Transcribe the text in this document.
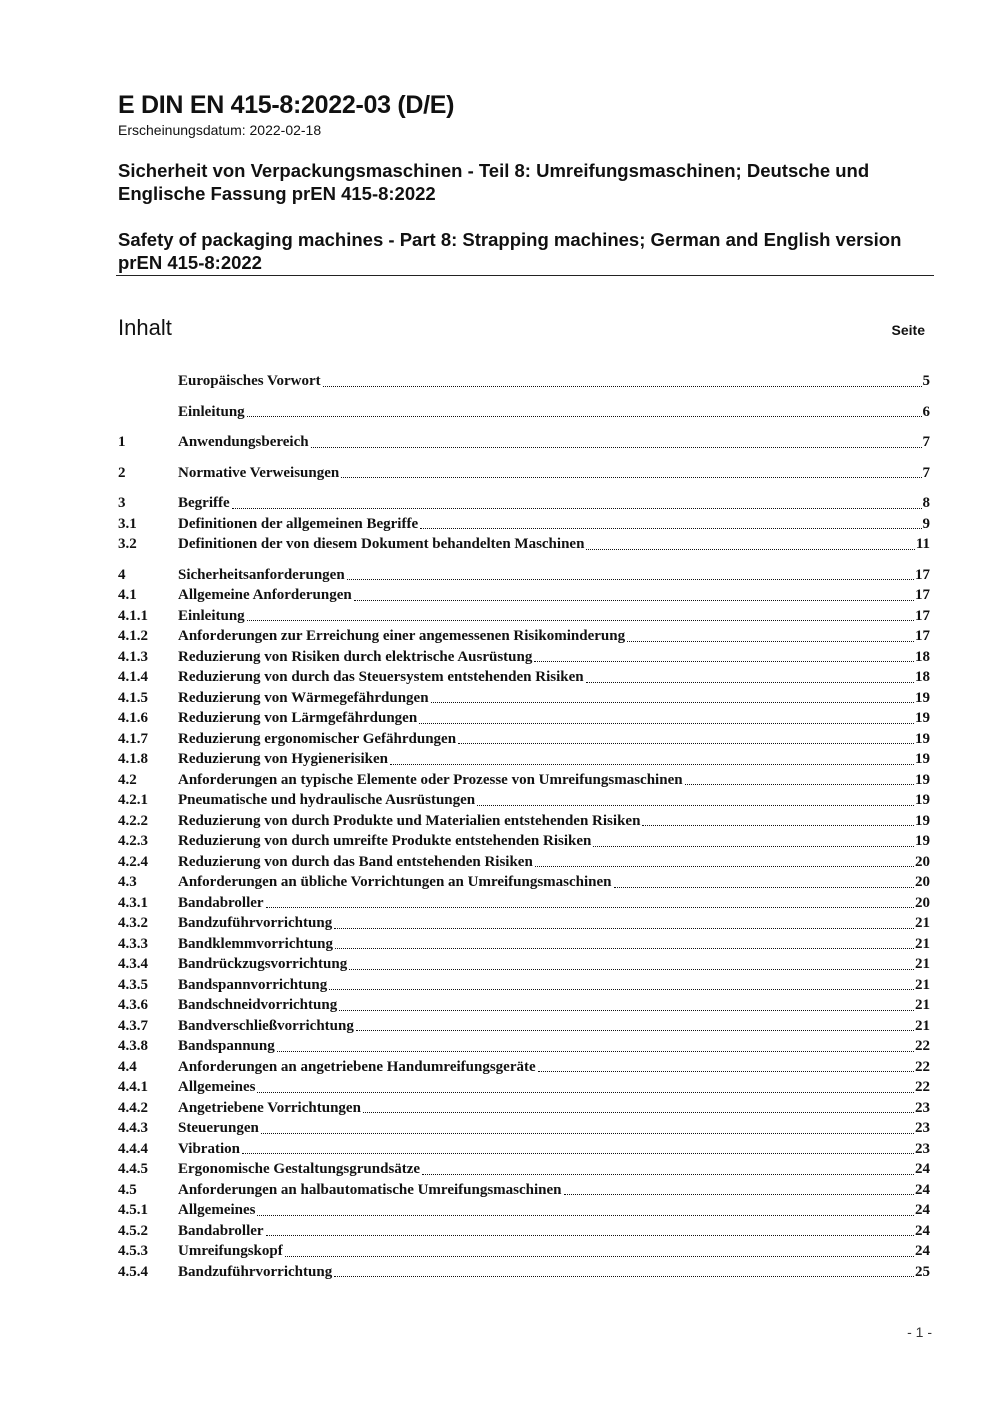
E DIN EN 415-8:2022-03 (D/E)
Erscheinungsdatum: 2022-02-18
Sicherheit von Verpackungsmaschinen - Teil 8: Umreifungsmaschinen; Deutsche und Englische Fassung prEN 415-8:2022
Safety of packaging machines - Part 8: Strapping machines; German and English version prEN 415-8:2022
Inhalt	Seite
Europäisches Vorwort	5
Einleitung	6
1	Anwendungsbereich	7
2	Normative Verweisungen	7
3	Begriffe	8
3.1	Definitionen der allgemeinen Begriffe	9
3.2	Definitionen der von diesem Dokument behandelten Maschinen	11
4	Sicherheitsanforderungen	17
4.1	Allgemeine Anforderungen	17
4.1.1	Einleitung	17
4.1.2	Anforderungen zur Erreichung einer angemessenen Risikominderung	17
4.1.3	Reduzierung von Risiken durch elektrische Ausrüstung	18
4.1.4	Reduzierung von durch das Steuersystem entstehenden Risiken	18
4.1.5	Reduzierung von Wärmegefährdungen	19
4.1.6	Reduzierung von Lärmgefährdungen	19
4.1.7	Reduzierung ergonomischer Gefährdungen	19
4.1.8	Reduzierung von Hygienerisiken	19
4.2	Anforderungen an typische Elemente oder Prozesse von Umreifungsmaschinen	19
4.2.1	Pneumatische und hydraulische Ausrüstungen	19
4.2.2	Reduzierung von durch Produkte und Materialien entstehenden Risiken	19
4.2.3	Reduzierung von durch umreifte Produkte entstehenden Risiken	19
4.2.4	Reduzierung von durch das Band entstehenden Risiken	20
4.3	Anforderungen an übliche Vorrichtungen an Umreifungsmaschinen	20
4.3.1	Bandabroller	20
4.3.2	Bandzuführvorrichtung	21
4.3.3	Bandklemmvorrichtung	21
4.3.4	Bandrückzugsvorrichtung	21
4.3.5	Bandspannvorrichtung	21
4.3.6	Bandschneidvorrichtung	21
4.3.7	Bandverschließvorrichtung	21
4.3.8	Bandspannung	22
4.4	Anforderungen an angetriebene Handumreifungsgeräte	22
4.4.1	Allgemeines	22
4.4.2	Angetriebene Vorrichtungen	23
4.4.3	Steuerungen	23
4.4.4	Vibration	23
4.4.5	Ergonomische Gestaltungsgrundsätze	24
4.5	Anforderungen an halbautomatische Umreifungsmaschinen	24
4.5.1	Allgemeines	24
4.5.2	Bandabroller	24
4.5.3	Umreifungskopf	24
4.5.4	Bandzuführvorrichtung	25
- 1 -
